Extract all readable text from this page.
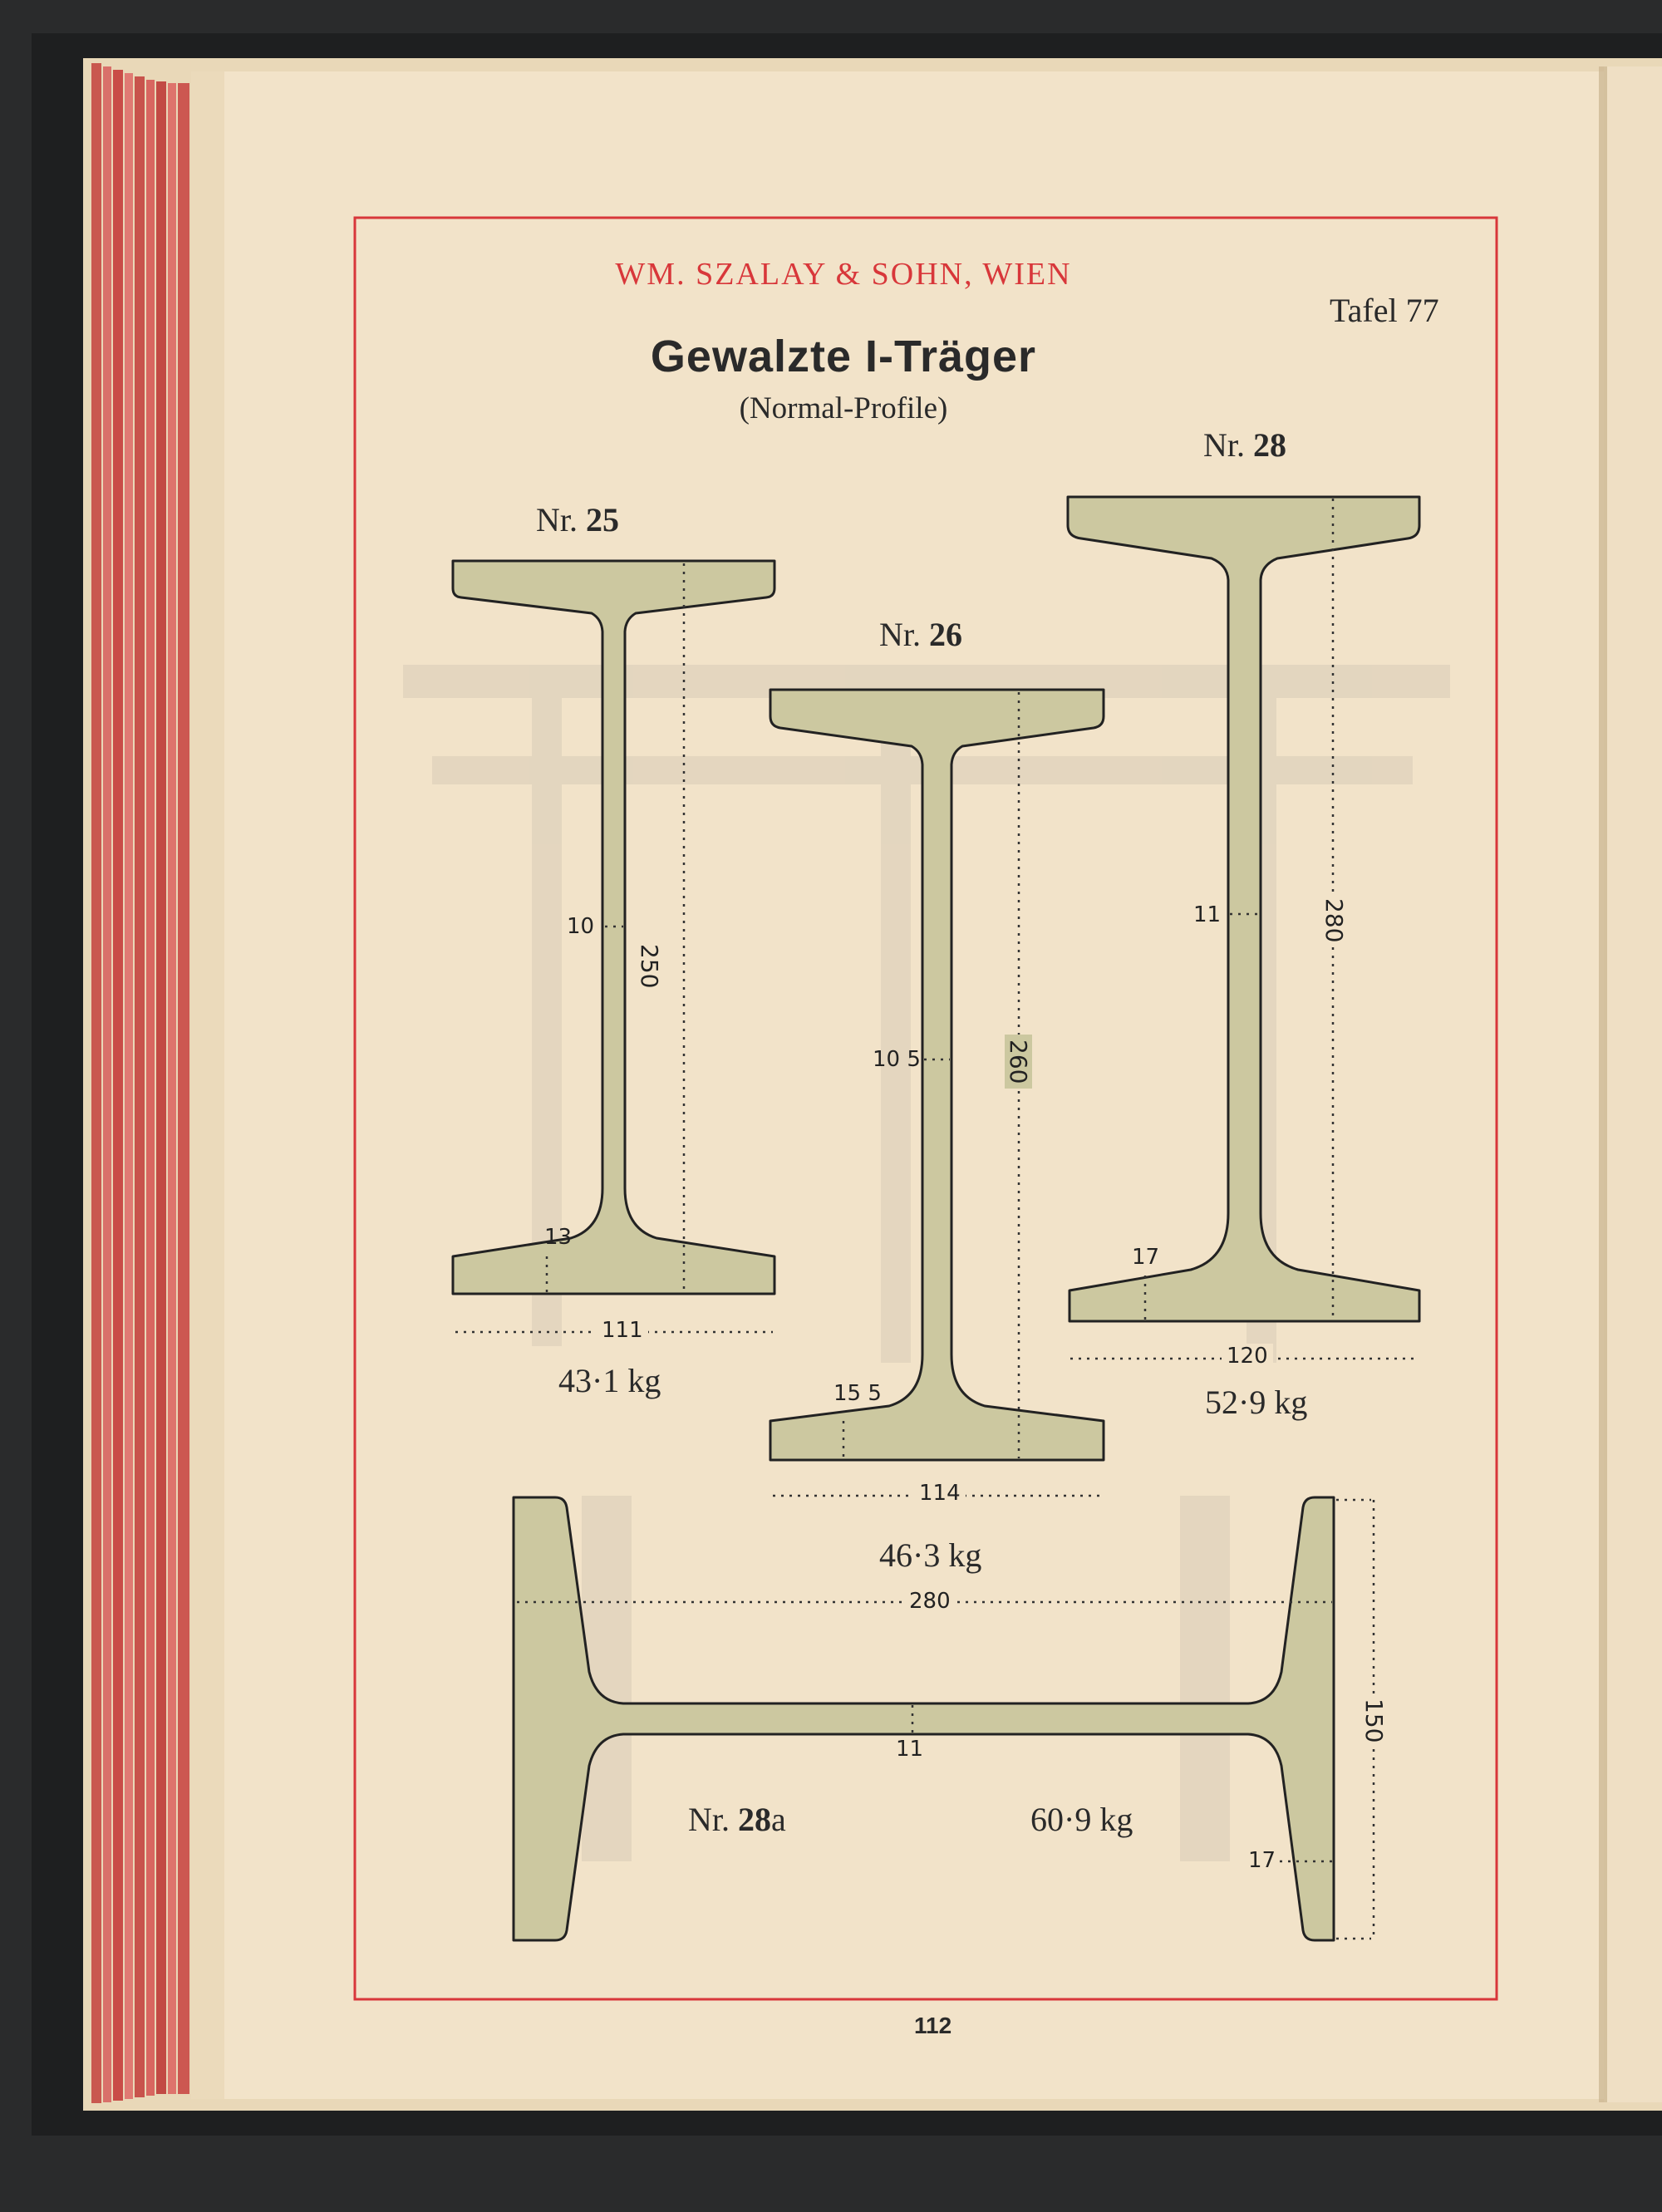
WM. SZALAY & SOHN, WIEN
Tafel 77
Gewalzte I-Träger
(Normal-Profile)
Nr. 25
43·1 kg
10
13
111
250
Nr. 26
46·3 kg
10 5
15 5
114
260
Nr. 28
52·9 kg
11
17
120
280
Nr. 28a	60·9 kg
11
17
280
150
112
